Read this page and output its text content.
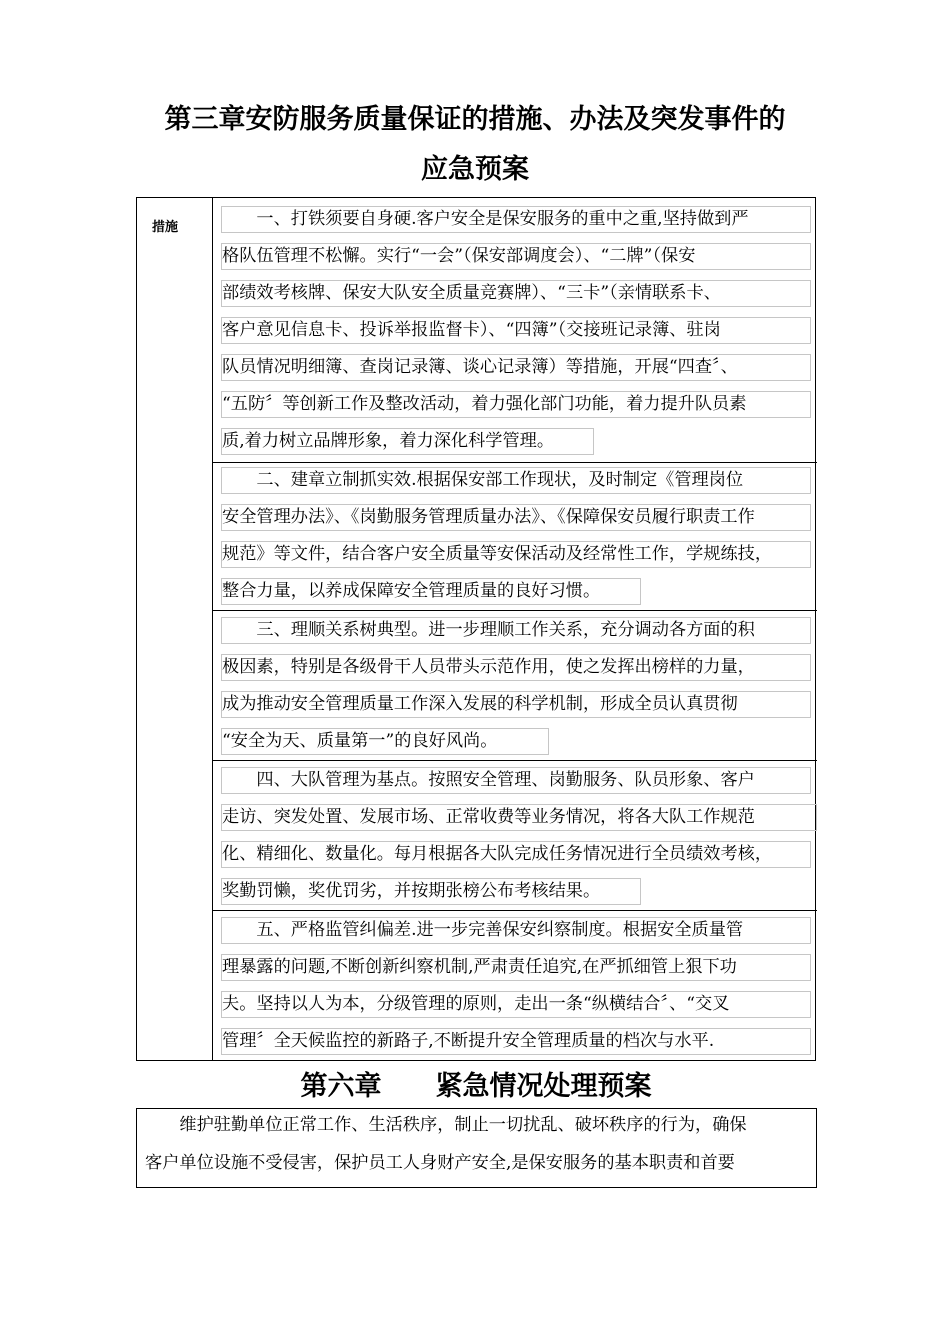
第三章安防服务质量保证的措施、办法及突发事件的
应急预案
措施	　　一、打铁须要自身硬.客户安全是保安服务的重中之重,坚持做到严
格队伍管理不松懈。实行“一会”（保安部调度会）、“二牌”（保安
部绩效考核牌、保安大队安全质量竞赛牌）、“三卡”（亲情联系卡、
客户意见信息卡、投诉举报监督卡）、“四簿”（交接班记录簿、驻岗
队员情况明细簿、查岗记录簿、谈心记录簿）等措施，开展“四查〞、
“五防〞等创新工作及整改活动，着力强化部门功能，着力提升队员素
质,着力树立品牌形象，着力深化科学管理。
　　二、建章立制抓实效.根据保安部工作现状，及时制定《管理岗位
安全管理办法》、《岗勤服务管理质量办法》、《保障保安员履行职责工作
规范》等文件，结合客户安全质量等安保活动及经常性工作，学规练技，
整合力量，以养成保障安全管理质量的良好习惯。
　　三、理顺关系树典型。进一步理顺工作关系，充分调动各方面的积
极因素，特别是各级骨干人员带头示范作用，使之发挥出榜样的力量，
成为推动安全管理质量工作深入发展的科学机制，形成全员认真贯彻
“安全为天、质量第一”的良好风尚。
　　四、大队管理为基点。按照安全管理、岗勤服务、队员形象、客户
走访、突发处置、发展市场、正常收费等业务情况，将各大队工作规范
化、精细化、数量化。每月根据各大队完成任务情况进行全员绩效考核，
奖勤罚懒，奖优罚劣，并按期张榜公布考核结果。
　　五、严格监管纠偏差.进一步完善保安纠察制度。根据安全质量管
理暴露的问题,不断创新纠察机制,严肃责任追究,在严抓细管上狠下功
夫。坚持以人为本，分级管理的原则，走出一条“纵横结合〞、“交叉
管理〞全天候监控的新路子,不断提升安全管理质量的档次与水平.
第六章　　紧急情况处理预案
　　维护驻勤单位正常工作、生活秩序，制止一切扰乱、破坏秩序的行为，确保
客户单位设施不受侵害，保护员工人身财产安全,是保安服务的基本职责和首要
